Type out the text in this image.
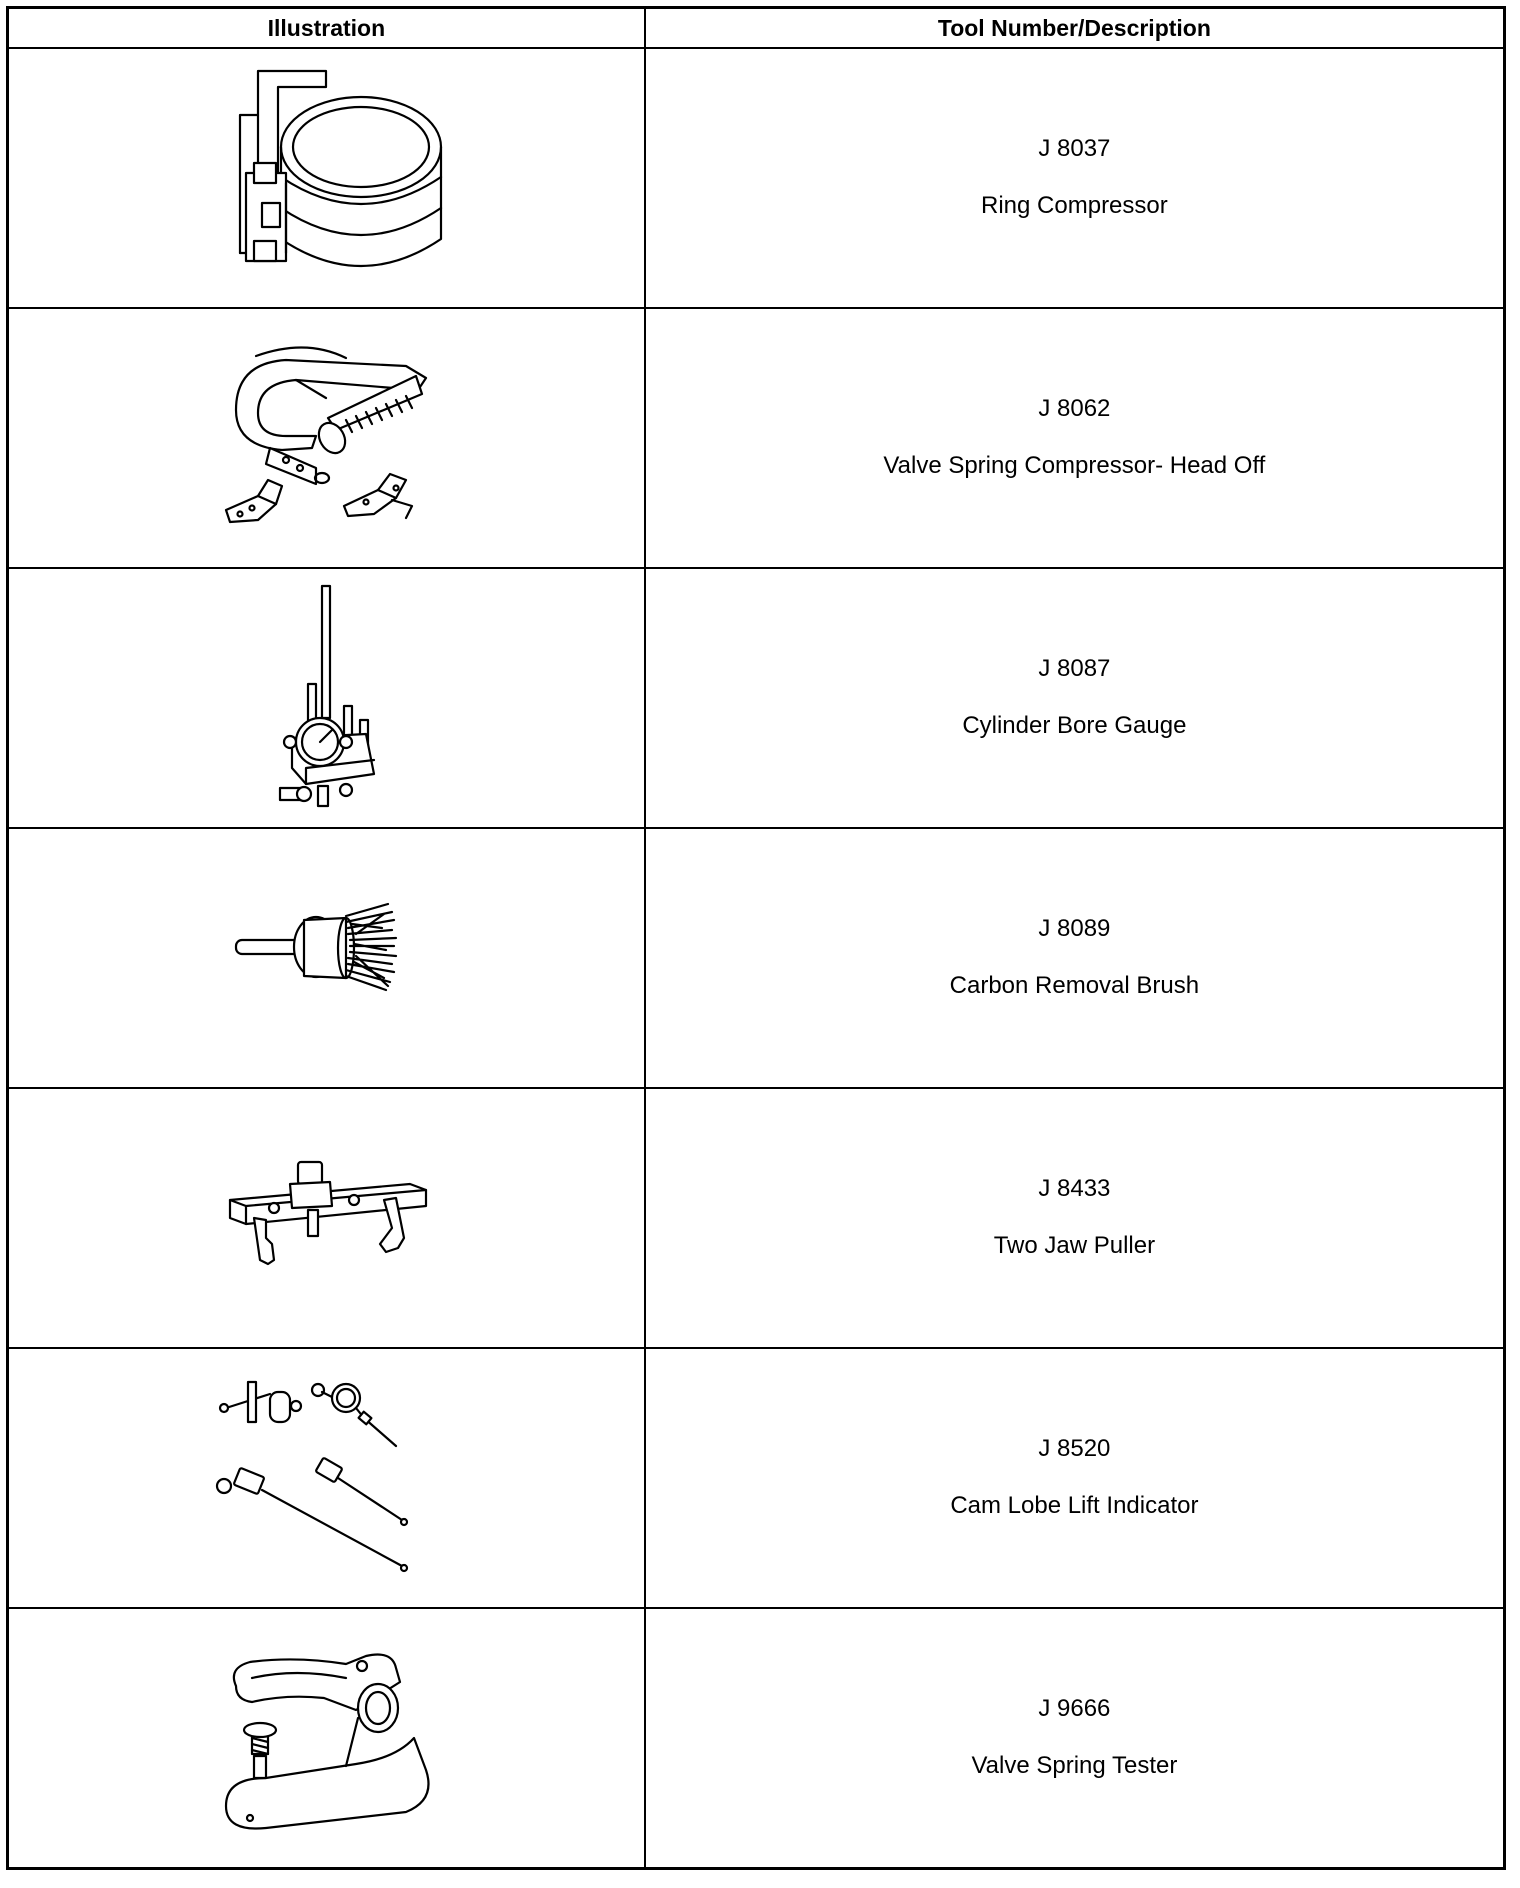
Illustration	Tool Number/Description

J 8037
Ring Compressor

J 8062
Valve Spring Compressor- Head Off

J 8087
Cylinder Bore Gauge

J 8089
Carbon Removal Brush

J 8433
Two Jaw Puller

J 8520
Cam Lobe Lift Indicator

J 9666
Valve Spring Tester
